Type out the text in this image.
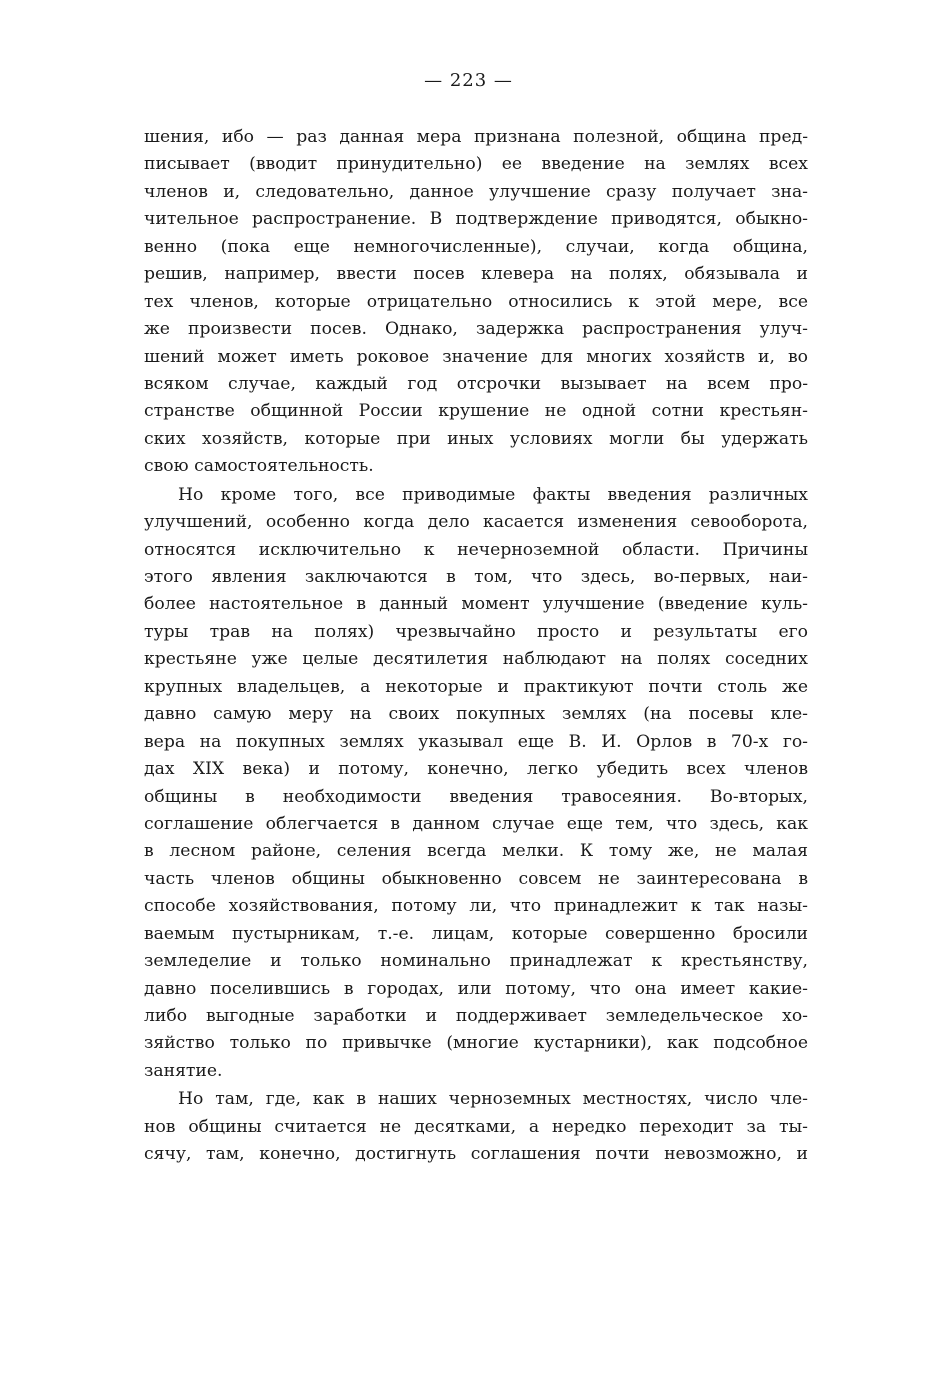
— 223 —
шения, ибо — раз данная мера признана полезной, община пред-
писывает (вводит принудительно) ее введение на землях всех
членов и, следовательно, данное улучшение сразу получает зна-
чительное распространение. В подтверждение приводятся, обыкно-
венно (пока еще немногочисленные), случаи, когда община,
решив, например, ввести посев клевера на полях, обязывала и
тех членов, которые отрицательно относились к этой мере, все
же произвести посев. Однако, задержка распространения улуч-
шений может иметь роковое значение для многих хозяйств и, во
всяком случае, каждый год отсрочки вызывает на всем про-
странстве общинной России крушение не одной сотни крестьян-
ских хозяйств, которые при иных условиях могли бы удержать
свою самостоятельность.
Но кроме того, все приводимые факты введения различных
улучшений, особенно когда дело касается изменения севооборота,
относятся исключительно к нечерноземной области. Причины
этого явления заключаются в том, что здесь, во-первых, наи-
более настоятельное в данный момент улучшение (введение куль-
туры трав на полях) чрезвычайно просто и результаты его
крестьяне уже целые десятилетия наблюдают на полях соседних
крупных владельцев, а некоторые и практикуют почти столь же
давно самую меру на своих покупных землях (на посевы кле-
вера на покупных землях указывал еще В. И. Орлов в 70-х го-
дах XIX века) и потому, конечно, легко убедить всех членов
общины в необходимости введения травосеяния. Во-вторых,
соглашение облегчается в данном случае еще тем, что здесь, как
в лесном районе, селения всегда мелки. К тому же, не малая
часть членов общины обыкновенно совсем не заинтересована в
способе хозяйствования, потому ли, что принадлежит к так назы-
ваемым пустырникам, т.-е. лицам, которые совершенно бросили
земледелие и только номинально принадлежат к крестьянству,
давно поселившись в городах, или потому, что она имеет какие-
либо выгодные заработки и поддерживает земледельческое хо-
зяйство только по привычке (многие кустарники), как подсобное
занятие.
Но там, где, как в наших черноземных местностях, число чле-
нов общины считается не десятками, а нередко переходит за ты-
сячу, там, конечно, достигнуть соглашения почти невозможно, и
